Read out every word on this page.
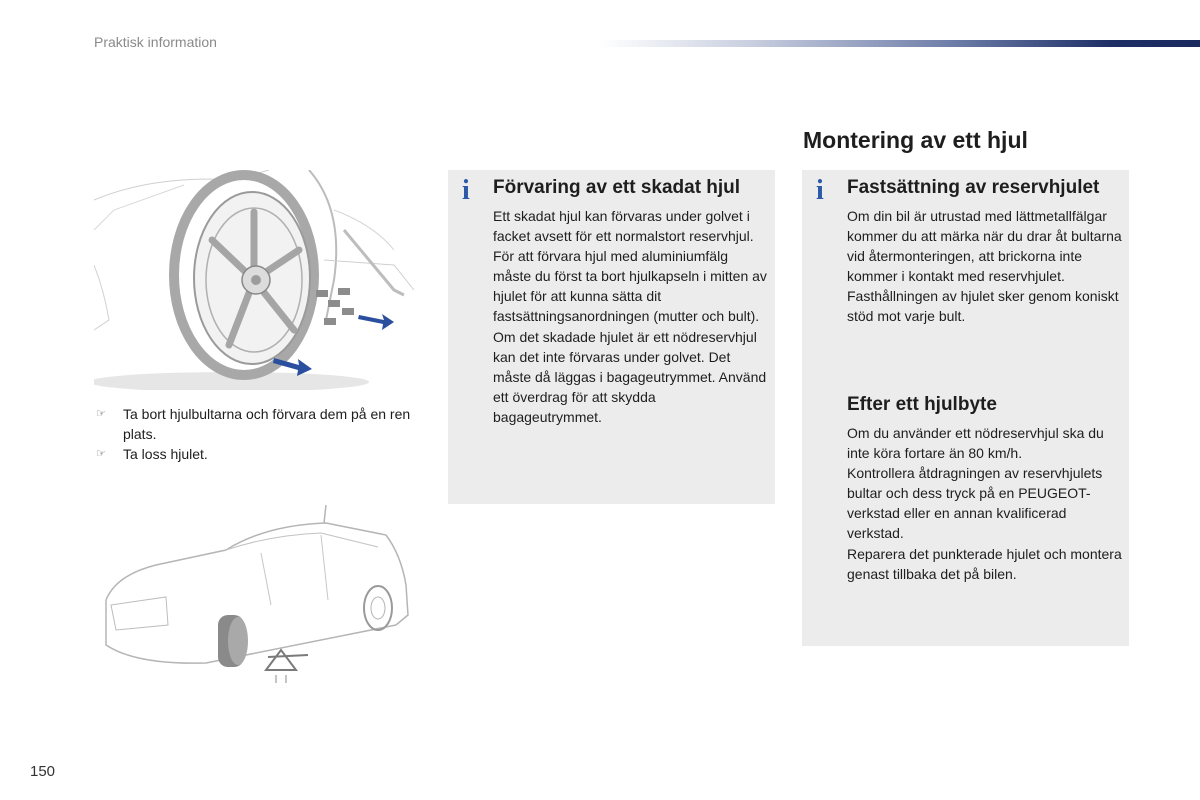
Praktisk information
☞ Ta bort hjulbultarna och förvara dem på en ren plats.
☞ Ta loss hjulet.
i Förvaring av ett skadat hjul

Ett skadat hjul kan förvaras under golvet i facket avsett för ett normalstort reservhjul.

För att förvara hjul med aluminiumfälg måste du först ta bort hjulkapseln i mitten av hjulet för att kunna sätta dit fastsättningsanordningen (mutter och bult).

Om det skadade hjulet är ett nödreservhjul kan det inte förvaras under golvet. Det måste då läggas i bagageutrymmet. Använd ett överdrag för att skydda bagageutrymmet.

Montering av ett hjul
i Fastsättning av reservhjulet

Om din bil är utrustad med lättmetallfälgar kommer du att märka när du drar åt bultarna vid återmonteringen, att brickorna inte kommer i kontakt med reservhjulet.

Fasthållningen av hjulet sker genom koniskt stöd mot varje bult.

Efter ett hjulbyte

Om du använder ett nödreservhjul ska du inte köra fortare än 80 km/h.

Kontrollera åtdragningen av reservhjulets bultar och dess tryck på en PEUGEOT-verkstad eller en annan kvalificerad verkstad.

Reparera det punkterade hjulet och montera genast tillbaka det på bilen.

150
